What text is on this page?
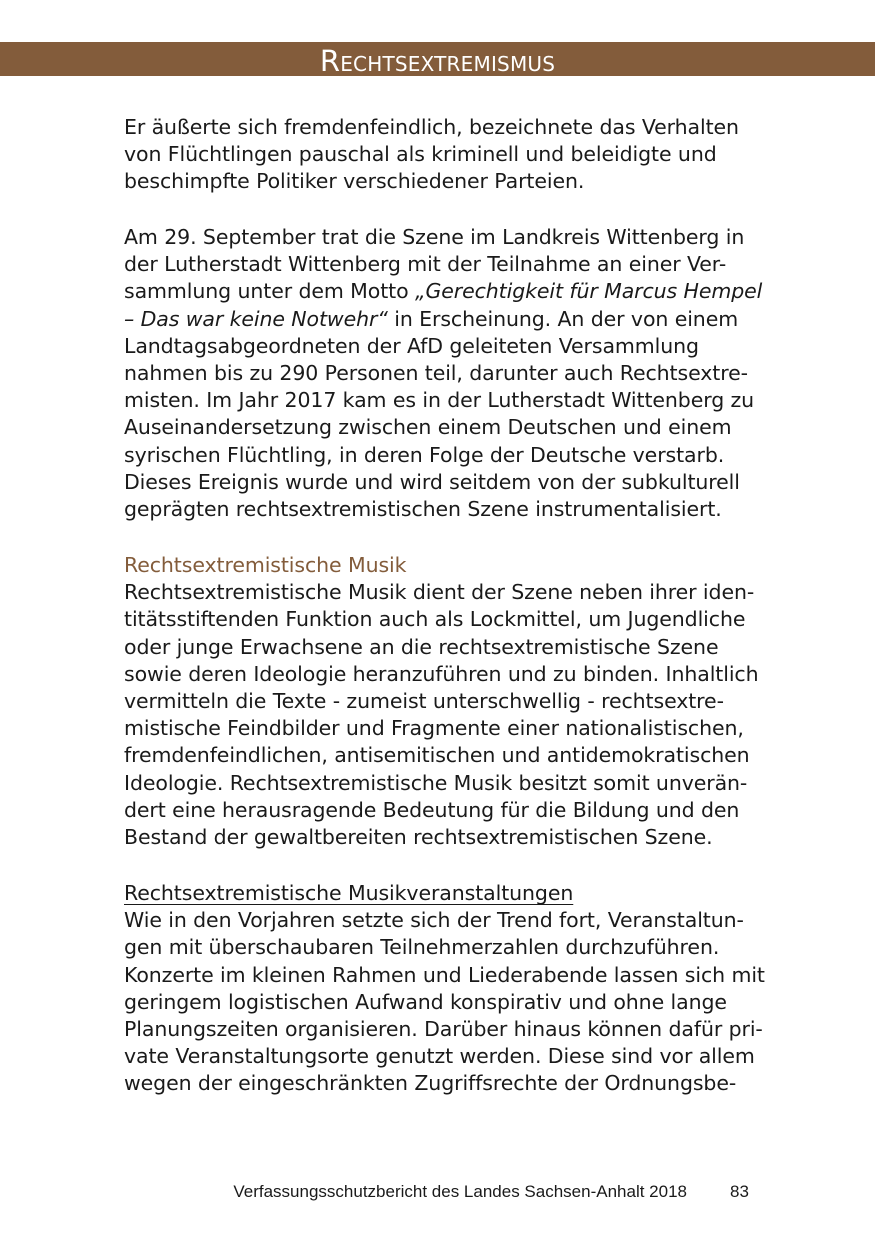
Rechtsextremismus
Er äußerte sich fremdenfeindlich, bezeichnete das Verhalten
von Flüchtlingen pauschal als kriminell und beleidigte und
beschimpfte Politiker verschiedener Parteien.
Am 29. September trat die Szene im Landkreis Wittenberg in
der Lutherstadt Wittenberg mit der Teilnahme an einer Ver-
sammlung unter dem Motto „Gerechtigkeit für Marcus Hempel
– Das war keine Notwehr“ in Erscheinung. An der von einem
Landtagsabgeordneten der AfD geleiteten Versammlung
nahmen bis zu 290 Personen teil, darunter auch Rechtsextre-
misten. Im Jahr 2017 kam es in der Lutherstadt Wittenberg zu
Auseinandersetzung zwischen einem Deutschen und einem
syrischen Flüchtling, in deren Folge der Deutsche verstarb.
Dieses Ereignis wurde und wird seitdem von der subkulturell
geprägten rechtsextremistischen Szene instrumentalisiert.
Rechtsextremistische Musik
Rechtsextremistische Musik dient der Szene neben ihrer iden-
titätsstiftenden Funktion auch als Lockmittel, um Jugendliche
oder junge Erwachsene an die rechtsextremistische Szene
sowie deren Ideologie heranzuführen und zu binden. Inhaltlich
vermitteln die Texte - zumeist unterschwellig - rechtsextre-
mistische Feindbilder und Fragmente einer nationalistischen,
fremdenfeindlichen, antisemitischen und antidemokratischen
Ideologie. Rechtsextremistische Musik besitzt somit unverän-
dert eine herausragende Bedeutung für die Bildung und den
Bestand der gewaltbereiten rechtsextremistischen Szene.
Rechtsextremistische Musikveranstaltungen
Wie in den Vorjahren setzte sich der Trend fort, Veranstaltun-
gen mit überschaubaren Teilnehmerzahlen durchzuführen.
Konzerte im kleinen Rahmen und Liederabende lassen sich mit
geringem logistischen Aufwand konspirativ und ohne lange
Planungszeiten organisieren. Darüber hinaus können dafür pri-
vate Veranstaltungsorte genutzt werden. Diese sind vor allem
wegen der eingeschränkten Zugriffsrechte der Ordnungsbe-
Verfassungsschutzbericht des Landes Sachsen-Anhalt 2018	83
